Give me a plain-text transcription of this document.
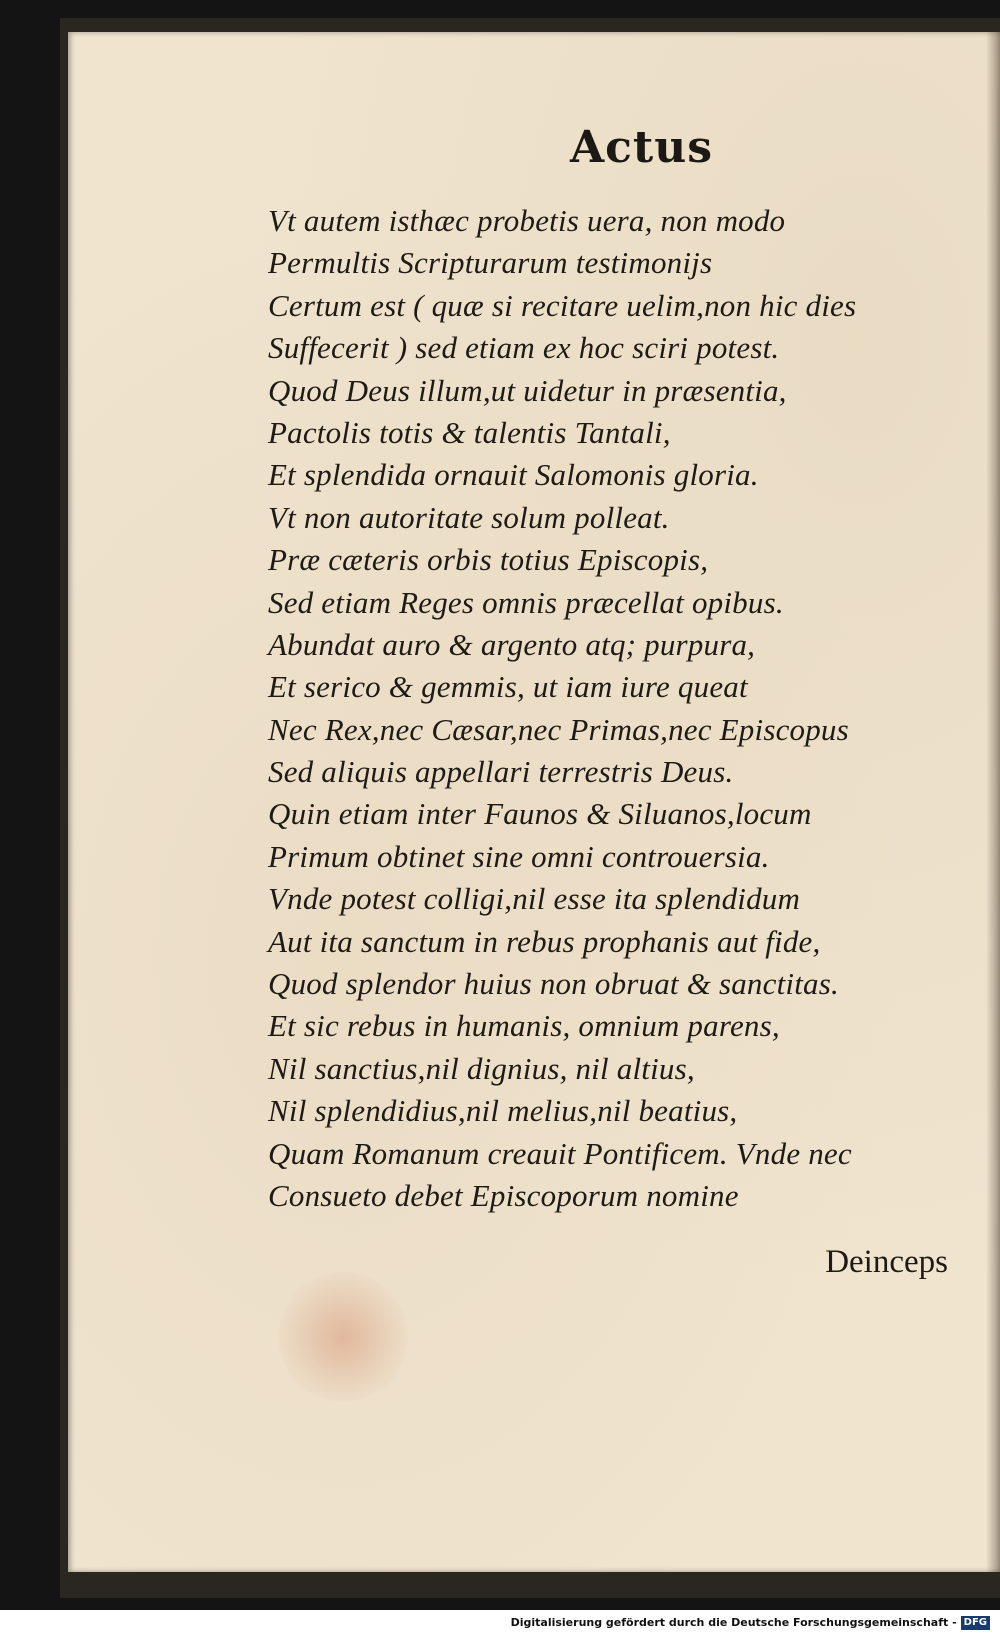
Actus
Vt autem isthæc probetis uera, non modo
Permultis Scripturarum testimonijs
Certum est ( quæ si recitare uelim,non hic dies
Suffecerit ) sed etiam ex hoc sciri potest.
Quod Deus illum,ut uidetur in præsentia,
Pactolis totis & talentis Tantali,
Et splendida ornauit Salomonis gloria.
Vt non autoritate solum polleat.
Præ cæteris orbis totius Episcopis,
Sed etiam Reges omnis præcellat opibus.
Abundat auro & argento atq; purpura,
Et serico & gemmis, ut iam iure queat
Nec Rex,nec Cæsar,nec Primas,nec Episcopus
Sed aliquis appellari terrestris Deus.
Quin etiam inter Faunos & Siluanos,locum
Primum obtinet sine omni controuersia.
Vnde potest colligi,nil esse ita splendidum
Aut ita sanctum in rebus prophanis aut fide,
Quod splendor huius non obruat & sanctitas.
Et sic rebus in humanis, omnium parens,
Nil sanctius,nil dignius, nil altius,
Nil splendidius,nil melius,nil beatius,
Quam Romanum creauit Pontificem. Vnde nec
Consueto debet Episcoporum nomine
Deinceps
Digitalisierung gefördert durch die Deutsche Forschungsgemeinschaft - DFG
